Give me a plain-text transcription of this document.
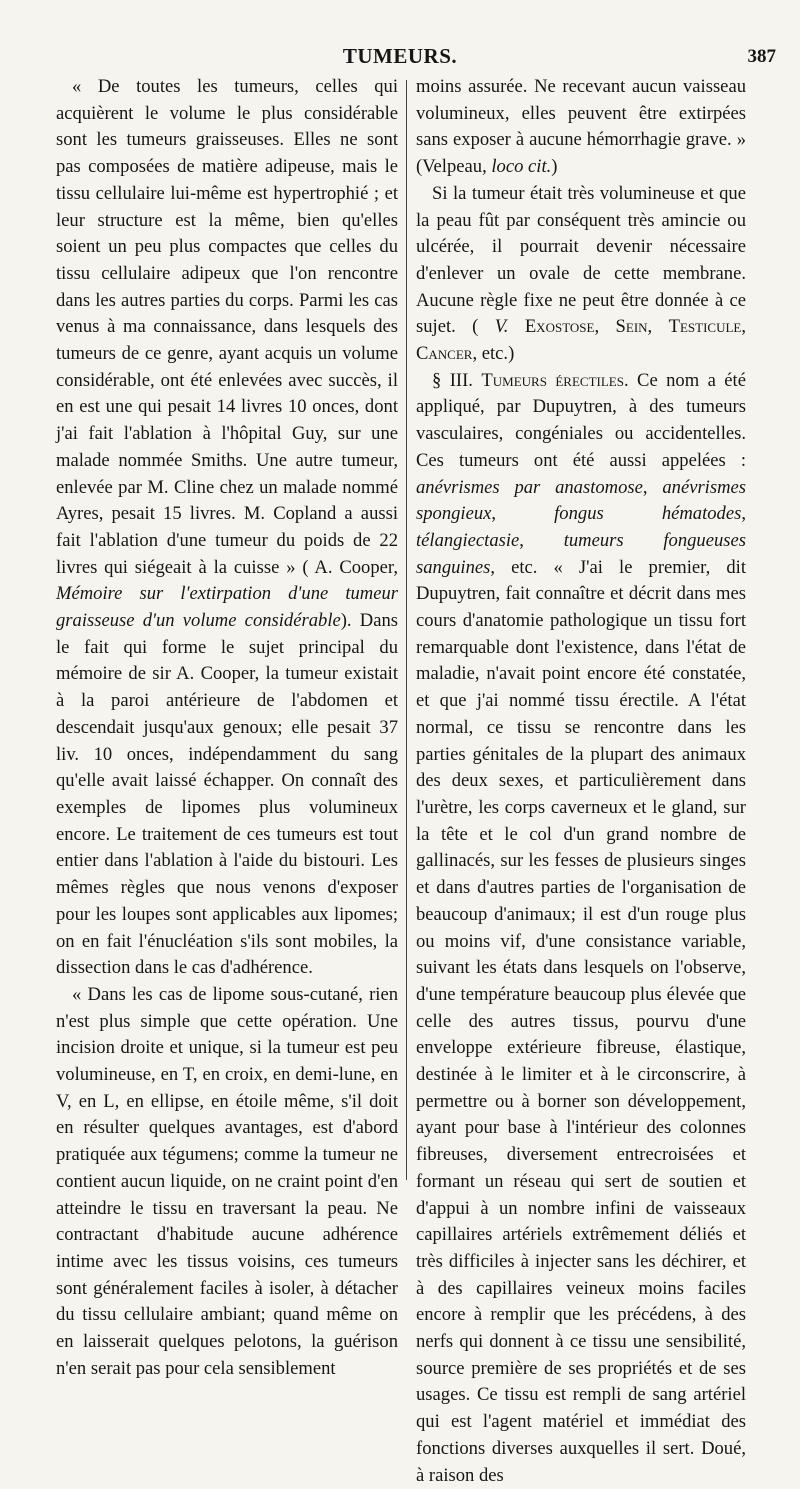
TUMEURS.	387

« De toutes les tumeurs, celles qui acquièrent le volume le plus considérable sont les tumeurs graisseuses. Elles ne sont pas composées de matière adipeuse, mais le tissu cellulaire lui-même est hypertrophié ; et leur structure est la même, bien qu'elles soient un peu plus compactes que celles du tissu cellulaire adipeux que l'on rencontre dans les autres parties du corps. Parmi les cas venus à ma connaissance, dans lesquels des tumeurs de ce genre, ayant acquis un volume considérable, ont été enlevées avec succès, il en est une qui pesait 14 livres 10 onces, dont j'ai fait l'ablation à l'hôpital Guy, sur une malade nommée Smiths. Une autre tumeur, enlevée par M. Cline chez un malade nommé Ayres, pesait 15 livres. M. Copland a aussi fait l'ablation d'une tumeur du poids de 22 livres qui siégeait à la cuisse » ( A. Cooper, Mémoire sur l'extirpation d'une tumeur graisseuse d'un volume considérable). Dans le fait qui forme le sujet principal du mémoire de sir A. Cooper, la tumeur existait à la paroi antérieure de l'abdomen et descendait jusqu'aux genoux; elle pesait 37 liv. 10 onces, indépendamment du sang qu'elle avait laissé échapper. On connaît des exemples de lipomes plus volumineux encore. Le traitement de ces tumeurs est tout entier dans l'ablation à l'aide du bistouri. Les mêmes règles que nous venons d'exposer pour les loupes sont applicables aux lipomes; on en fait l'énucléation s'ils sont mobiles, la dissection dans le cas d'adhérence.

« Dans les cas de lipome sous-cutané, rien n'est plus simple que cette opération. Une incision droite et unique, si la tumeur est peu volumineuse, en T, en croix, en demi-lune, en V, en L, en ellipse, en étoile même, s'il doit en résulter quelques avantages, est d'abord pratiquée aux tégumens; comme la tumeur ne contient aucun liquide, on ne craint point d'en atteindre le tissu en traversant la peau. Ne contractant d'habitude aucune adhérence intime avec les tissus voisins, ces tumeurs sont généralement faciles à isoler, à détacher du tissu cellulaire ambiant; quand même on en laisserait quelques pelotons, la guérison n'en serait pas pour cela sensiblement

moins assurée. Ne recevant aucun vaisseau volumineux, elles peuvent être extirpées sans exposer à aucune hémorrhagie grave. » (Velpeau, loco cit.)

Si la tumeur était très volumineuse et que la peau fût par conséquent très amincie ou ulcérée, il pourrait devenir nécessaire d'enlever un ovale de cette membrane. Aucune règle fixe ne peut être donnée à ce sujet. ( V. Exostose, Sein, Testicule, Cancer, etc.)

§ III. Tumeurs érectiles. Ce nom a été appliqué, par Dupuytren, à des tumeurs vasculaires, congéniales ou accidentelles. Ces tumeurs ont été aussi appelées : anévrismes par anastomose, anévrismes spongieux, fongus hématodes, télangiectasie, tumeurs fongueuses sanguines, etc. « J'ai le premier, dit Dupuytren, fait connaître et décrit dans mes cours d'anatomie pathologique un tissu fort remarquable dont l'existence, dans l'état de maladie, n'avait point encore été constatée, et que j'ai nommé tissu érectile. A l'état normal, ce tissu se rencontre dans les parties génitales de la plupart des animaux des deux sexes, et particulièrement dans l'urètre, les corps caverneux et le gland, sur la tête et le col d'un grand nombre de gallinacés, sur les fesses de plusieurs singes et dans d'autres parties de l'organisation de beaucoup d'animaux; il est d'un rouge plus ou moins vif, d'une consistance variable, suivant les états dans lesquels on l'observe, d'une température beaucoup plus élevée que celle des autres tissus, pourvu d'une enveloppe extérieure fibreuse, élastique, destinée à le limiter et à le circonscrire, à permettre ou à borner son développement, ayant pour base à l'intérieur des colonnes fibreuses, diversement entrecroisées et formant un réseau qui sert de soutien et d'appui à un nombre infini de vaisseaux capillaires artériels extrêmement déliés et très difficiles à injecter sans les déchirer, et à des capillaires veineux moins faciles encore à remplir que les précédens, à des nerfs qui donnent à ce tissu une sensibilité, source première de ses propriétés et de ses usages. Ce tissu est rempli de sang artériel qui est l'agent matériel et immédiat des fonctions diverses auxquelles il sert. Doué, à raison des
